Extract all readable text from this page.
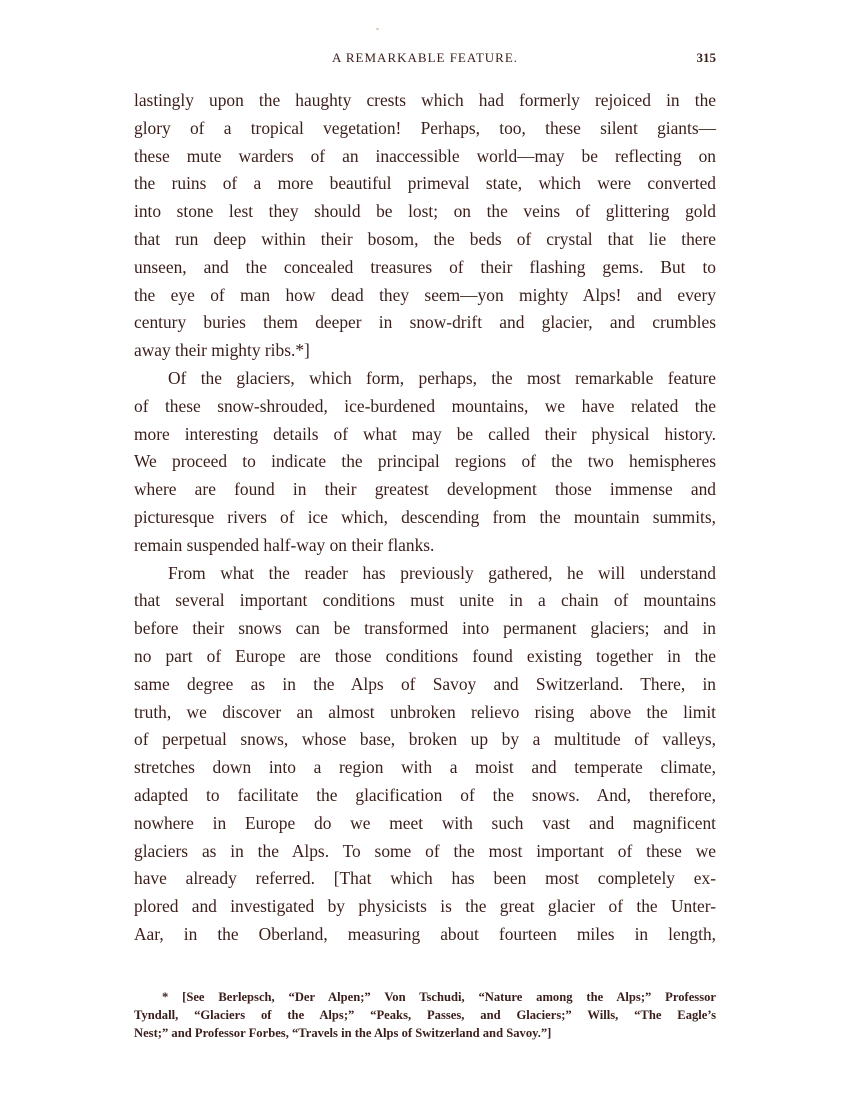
A REMARKABLE FEATURE.	315
lastingly upon the haughty crests which had formerly rejoiced in the
glory of a tropical vegetation! Perhaps, too, these silent giants—
these mute warders of an inaccessible world—may be reflecting on
the ruins of a more beautiful primeval state, which were converted
into stone lest they should be lost; on the veins of glittering gold
that run deep within their bosom, the beds of crystal that lie there
unseen, and the concealed treasures of their flashing gems. But to
the eye of man how dead they seem—yon mighty Alps! and every
century buries them deeper in snow-drift and glacier, and crumbles
away their mighty ribs.*]
Of the glaciers, which form, perhaps, the most remarkable feature
of these snow-shrouded, ice-burdened mountains, we have related the
more interesting details of what may be called their physical history.
We proceed to indicate the principal regions of the two hemispheres
where are found in their greatest development those immense and
picturesque rivers of ice which, descending from the mountain summits,
remain suspended half-way on their flanks.
From what the reader has previously gathered, he will understand
that several important conditions must unite in a chain of mountains
before their snows can be transformed into permanent glaciers; and in
no part of Europe are those conditions found existing together in the
same degree as in the Alps of Savoy and Switzerland. There, in
truth, we discover an almost unbroken relievo rising above the limit
of perpetual snows, whose base, broken up by a multitude of valleys,
stretches down into a region with a moist and temperate climate,
adapted to facilitate the glacification of the snows. And, therefore,
nowhere in Europe do we meet with such vast and magnificent
glaciers as in the Alps. To some of the most important of these we
have already referred. [That which has been most completely ex-
plored and investigated by physicists is the great glacier of the Unter-
Aar, in the Oberland, measuring about fourteen miles in length,
* [See Berlepsch, “Der Alpen;” Von Tschudi, “Nature among the Alps;” Professor
Tyndall, “Glaciers of the Alps;” “Peaks, Passes, and Glaciers;” Wills, “The Eagle’s
Nest;” and Professor Forbes, “Travels in the Alps of Switzerland and Savoy.”]
